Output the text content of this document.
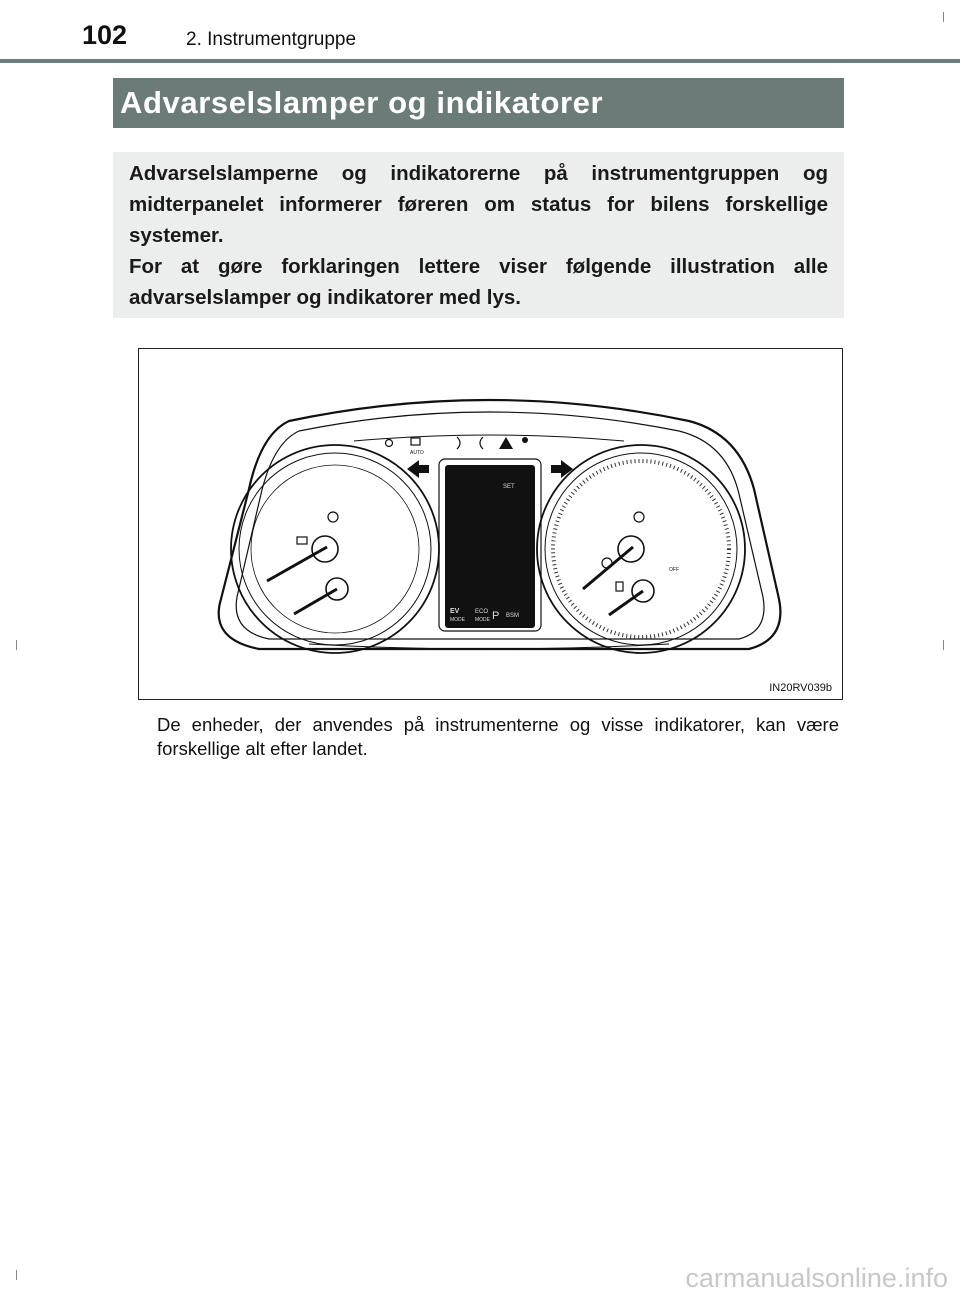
102	2. Instrumentgruppe
Advarselslamper og indikatorer

Advarselslamperne og indikatorerne på instrumentgruppen og midterpanelet informerer føreren om status for bilens forskellige systemer.

For at gøre forklaringen lettere viser følgende illustration alle advarselslamper og indikatorer med lys.

AUTO
SET
EV
MODE
ECO
MODE P BSM
OFF
IN20RV039b
De enheder, der anvendes på instrumenterne og visse indikatorer, kan være forskellige alt efter landet.
carmanualsonline.info
